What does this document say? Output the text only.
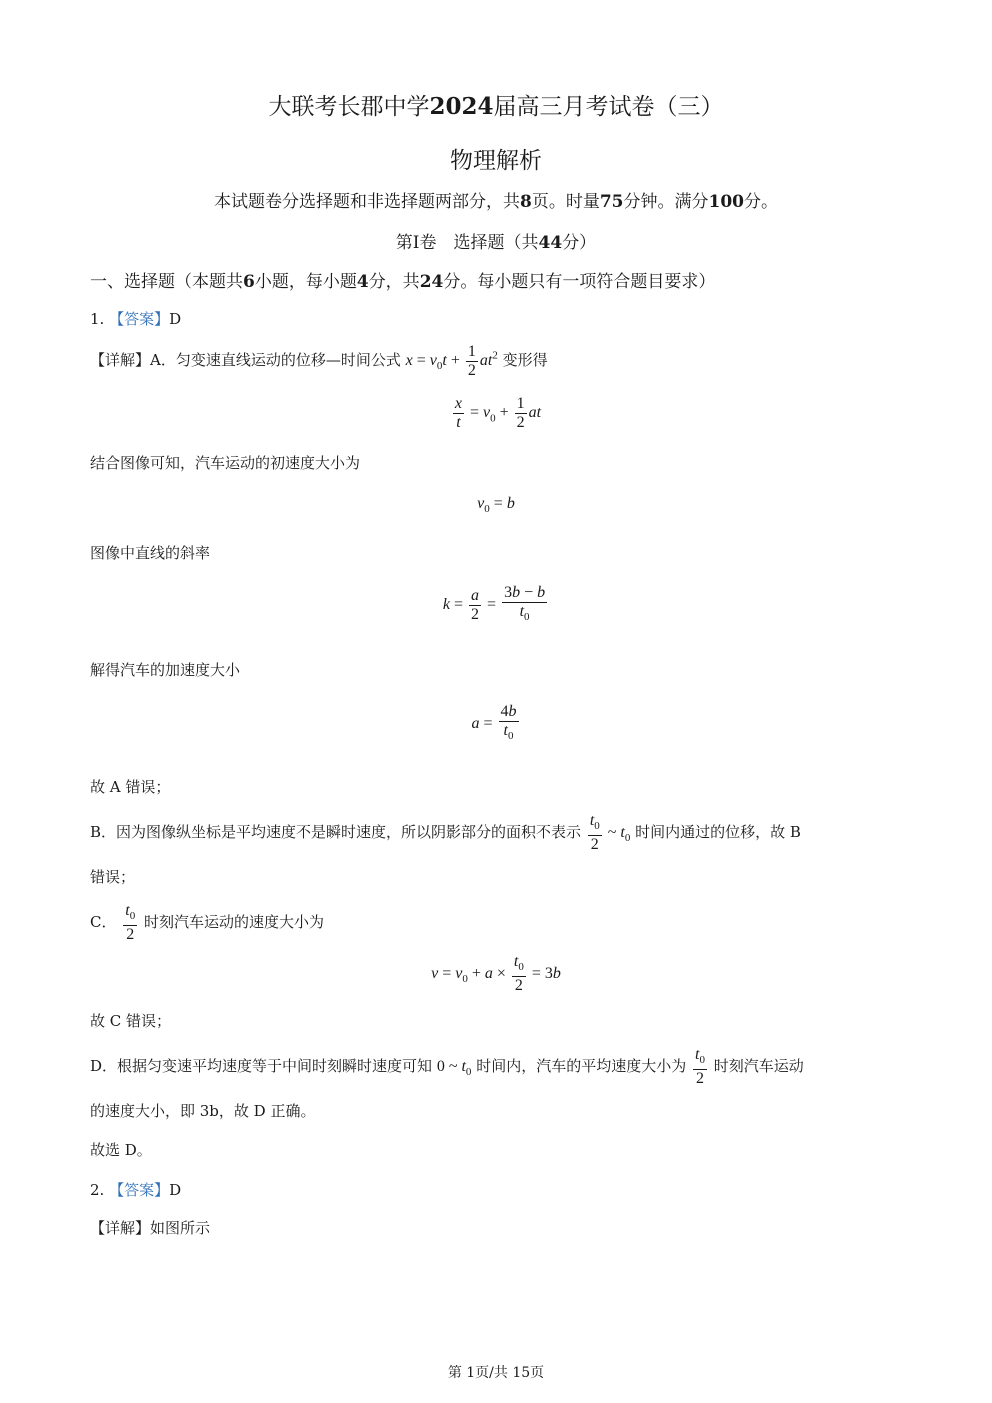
大联考长郡中学2024届高三月考试卷（三）
物理解析
本试题卷分选择题和非选择题两部分，共8页。时量75分钟。满分100分。
第Ⅰ卷　选择题（共44分）
一、选择题（本题共6小题，每小题4分，共24分。每小题只有一项符合题目要求）
1. 【答案】D
【详解】A．匀变速直线运动的位移—时间公式 $x = v_0t + \frac{1}{2} at^2$ 变形得
$\frac{x}{t} = v_0 + \frac{1}{2}$ at
结合图像可知，汽车运动的初速度大小为
$v_0 = b$
图像中直线的斜率
$k = \frac{a}{2} = \frac{3b - b}{t_0}$
解得汽车的加速度大小
$a = \frac{4b}{t_0}$
故 A 错误；
B．因为图像纵坐标是平均速度不是瞬时速度，所以阴影部分的面积不表示 $\frac{t_0}{2}$ ~ $t_0$ 时间内通过的位移，故 B
错误；
C． $\frac{t_0}{2}$ 时刻汽车运动的速度大小为
$v = v_0 + a \times \frac{t_0}{2} = 3b$
故 C 错误；
D．根据匀变速平均速度等于中间时刻瞬时速度可知 0 ~ $t_0$ 时间内，汽车的平均速度大小为 $\frac{t_0}{2}$ 时刻汽车运动
的速度大小，即 3b，故 D 正确。
故选 D。
2. 【答案】D
【详解】如图所示
第 1页/共 15页
